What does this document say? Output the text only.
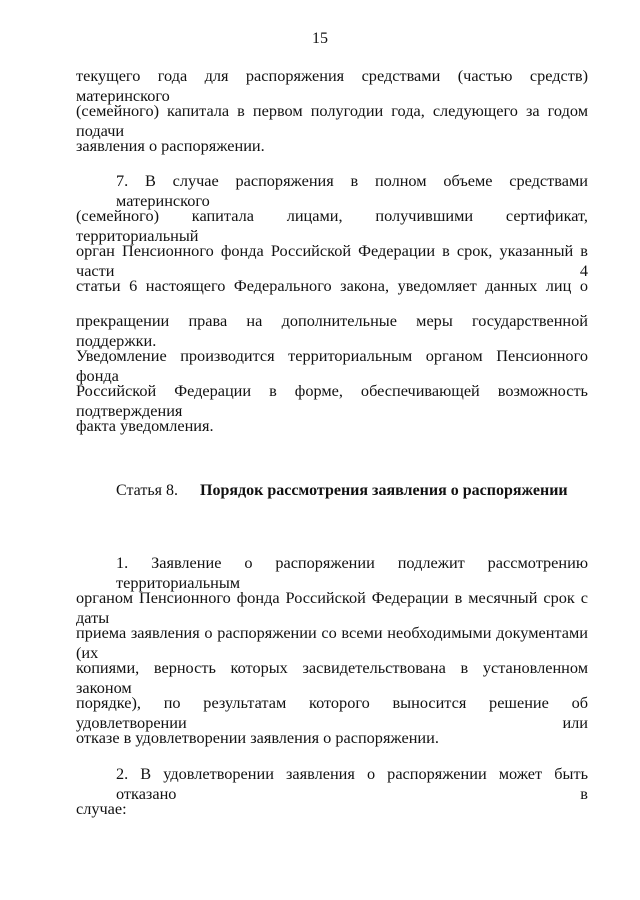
15
текущего года для распоряжения средствами (частью средств) материнского
(семейного) капитала в первом полугодии года, следующего за годом подачи
заявления о распоряжении.
7. В случае распоряжения в полном объеме средствами материнского
(семейного) капитала лицами, получившими сертификат, территориальный
орган Пенсионного фонда Российской Федерации в срок, указанный в части 4
статьи 6 настоящего Федерального закона, уведомляет данных лиц о
прекращении права на дополнительные меры государственной поддержки.
Уведомление производится территориальным органом Пенсионного фонда
Российской Федерации в форме, обеспечивающей возможность подтверждения
факта уведомления.
Статья 8. Порядок рассмотрения заявления о распоряжении
1. Заявление о распоряжении подлежит рассмотрению территориальным
органом Пенсионного фонда Российской Федерации в месячный срок с даты
приема заявления о распоряжении со всеми необходимыми документами (их
копиями, верность которых засвидетельствована в установленном законом
порядке), по результатам которого выносится решение об удовлетворении или
отказе в удовлетворении заявления о распоряжении.
2. В удовлетворении заявления о распоряжении может быть отказано в
случае:
